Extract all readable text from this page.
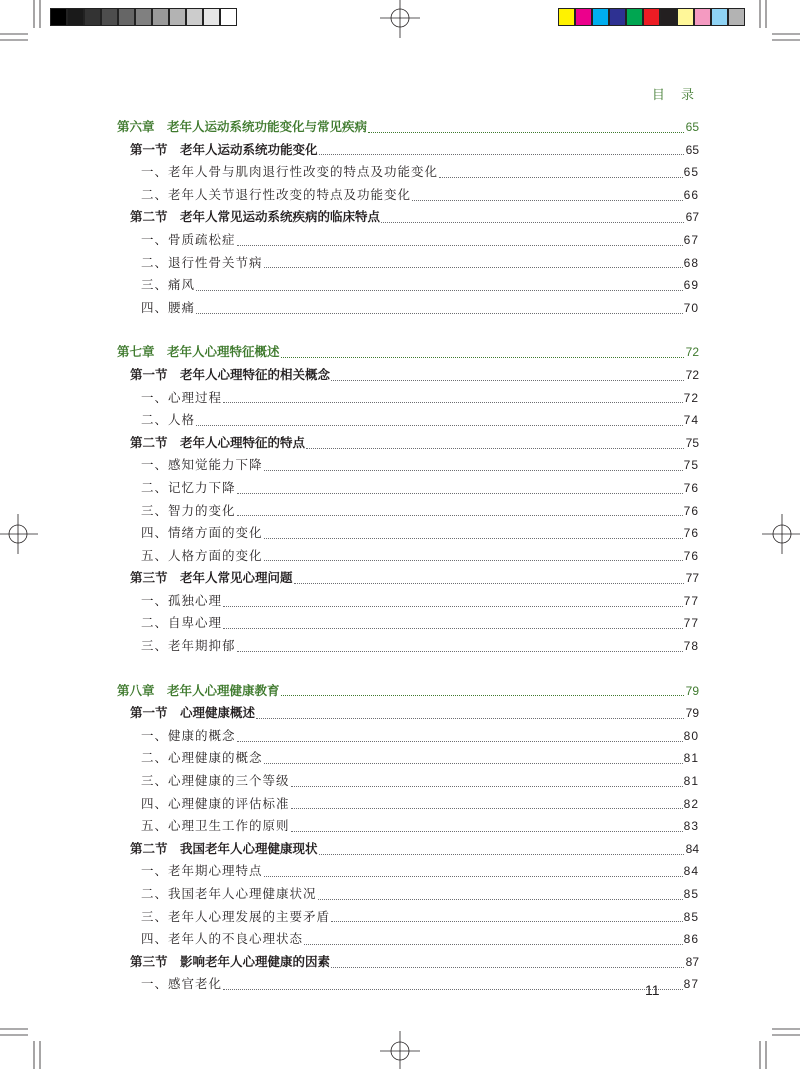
目 录
第六章　老年人运动系统功能变化与常见疾病	65
第一节　老年人运动系统功能变化	65
一、老年人骨与肌肉退行性改变的特点及功能变化	65
二、老年人关节退行性改变的特点及功能变化	66
第二节　老年人常见运动系统疾病的临床特点	67
一、骨质疏松症	67
二、退行性骨关节病	68
三、痛风	69
四、腰痛	70
第七章　老年人心理特征概述	72
第一节　老年人心理特征的相关概念	72
一、心理过程	72
二、人格	74
第二节　老年人心理特征的特点	75
一、感知觉能力下降	75
二、记忆力下降	76
三、智力的变化	76
四、情绪方面的变化	76
五、人格方面的变化	76
第三节　老年人常见心理问题	77
一、孤独心理	77
二、自卑心理	77
三、老年期抑郁	78
第八章　老年人心理健康教育	79
第一节　心理健康概述	79
一、健康的概念	80
二、心理健康的概念	81
三、心理健康的三个等级	81
四、心理健康的评估标准	82
五、心理卫生工作的原则	83
第二节　我国老年人心理健康现状	84
一、老年期心理特点	84
二、我国老年人心理健康状况	85
三、老年人心理发展的主要矛盾	85
四、老年人的不良心理状态	86
第三节　影响老年人心理健康的因素	87
一、感官老化	87
11
